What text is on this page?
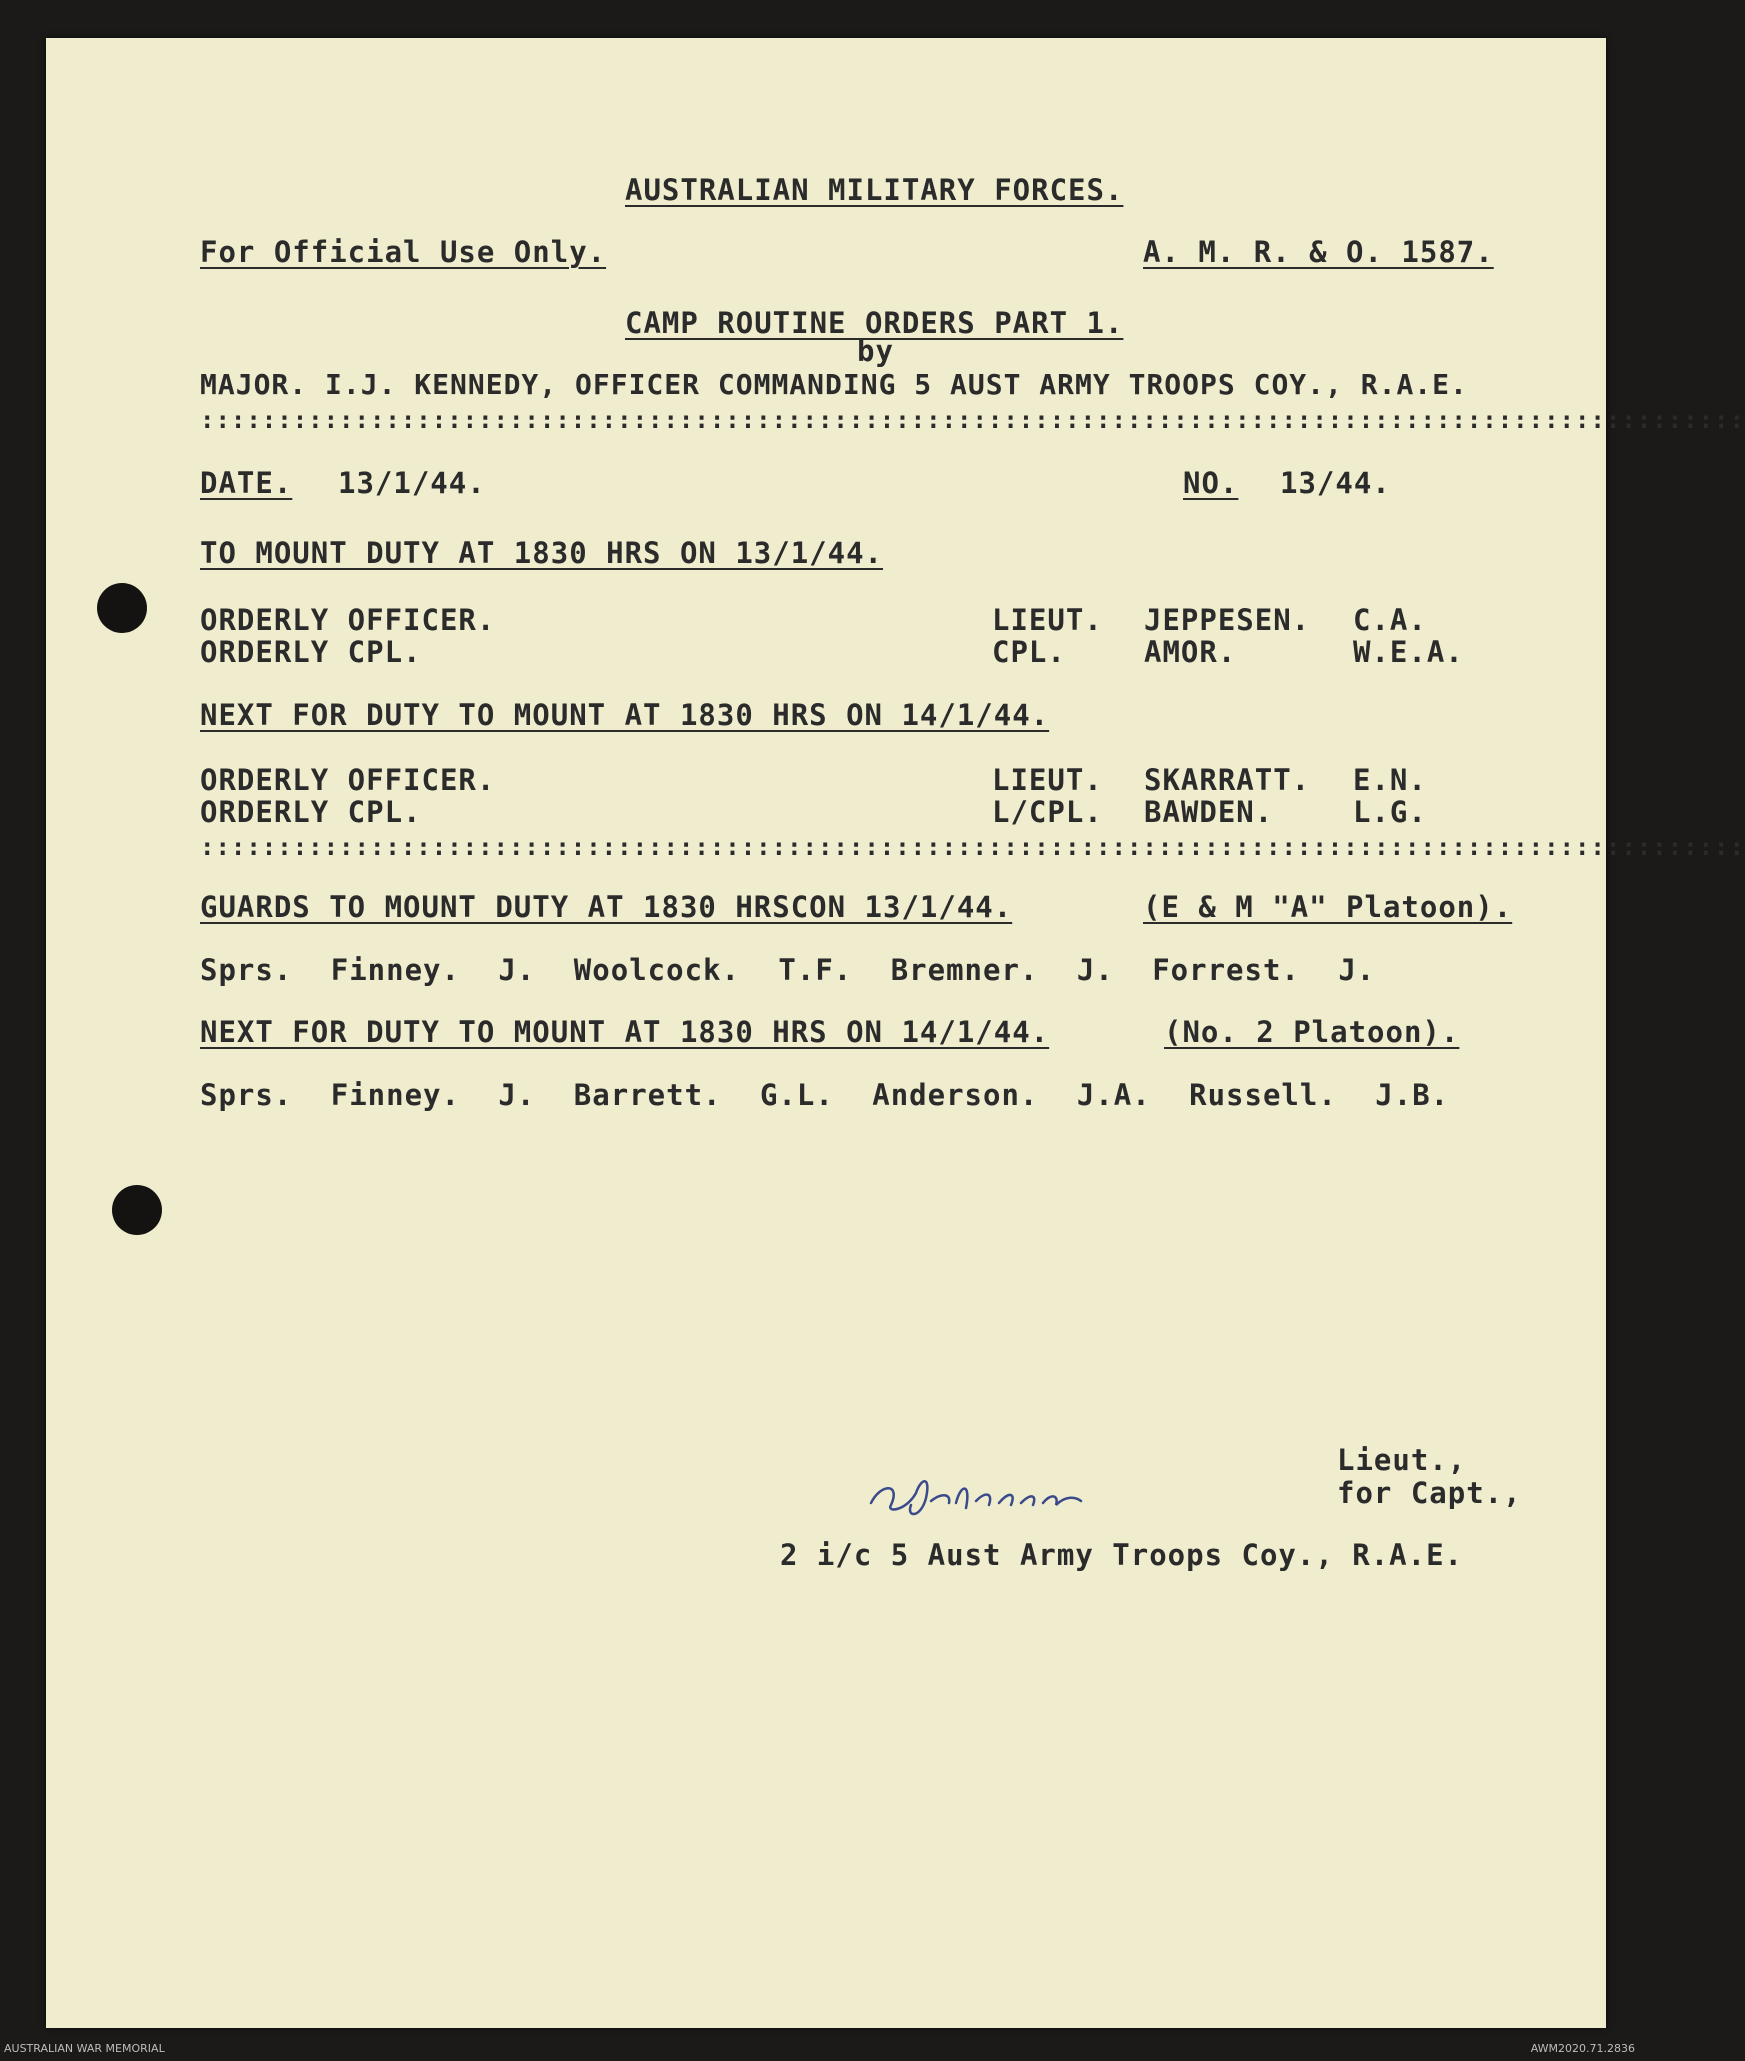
AUSTRALIAN MILITARY FORCES.
For Official Use Only.	A. M. R. & O. 1587.
CAMP ROUTINE ORDERS PART 1.
by
MAJOR. I.J. KENNEDY, OFFICER COMMANDING 5 AUST ARMY TROOPS COY., R.A.E.
::::::::::::::::::::::::::::::::::::::::::::::::::::::::::::::::::::::::::::::::::::::::::::::::::::
DATE. 13/1/44.	NO. 13/44.
TO MOUNT DUTY AT 1830 HRS ON 13/1/44.
ORDERLY OFFICER.	LIEUT. JEPPESEN. C.A.
ORDERLY CPL.	CPL.	AMOR.	W.E.A.
NEXT FOR DUTY TO MOUNT AT 1830 HRS ON 14/1/44.
ORDERLY OFFICER.	LIEUT. SKARRATT. E.N.
ORDERLY CPL.	L/CPL. BAWDEN.	L.G.
::::::::::::::::::::::::::::::::::::::::::::::::::::::::::::::::::::::::::::::::::::::::::::::::::::
GUARDS TO MOUNT DUTY AT 1830 HRSCON 13/1/44.	(E & M "A" Platoon).
Sprs. Finney. J. Woolcock. T.F. Bremner. J. Forrest. J.
NEXT FOR DUTY TO MOUNT AT 1830 HRS ON 14/1/44.	(No. 2 Platoon).
Sprs. Finney. J. Barrett. G.L. Anderson. J.A. Russell. J.B.
Lieut.,
for Capt.,
2 i/c 5 Aust Army Troops Coy., R.A.E.
AUSTRALIAN WAR MEMORIAL	AWM2020.71.2836
